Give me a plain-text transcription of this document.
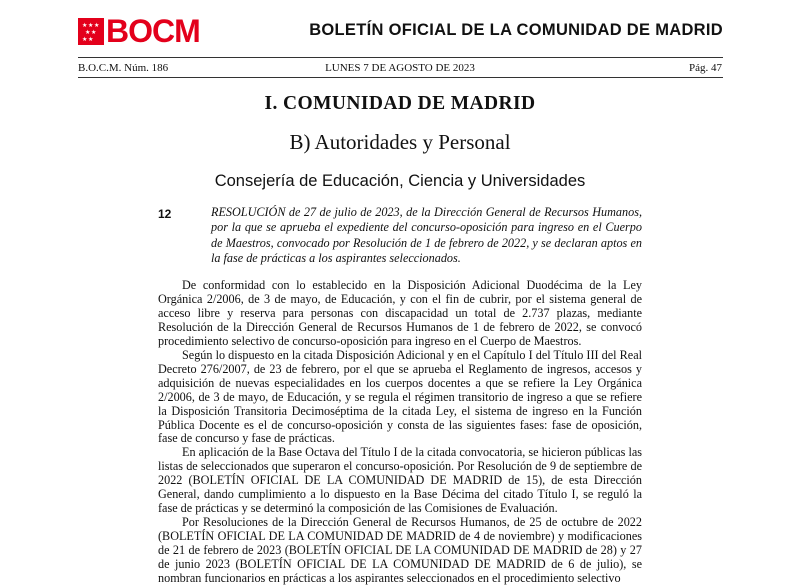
★ ★ ★
★ ★
★ ★ BOCM	BOLETÍN OFICIAL DE LA COMUNIDAD DE MADRID
B.O.C.M. Núm. 186	LUNES 7 DE AGOSTO DE 2023	Pág. 47
I. COMUNIDAD DE MADRID
B) Autoridades y Personal
Consejería de Educación, Ciencia y Universidades
12	RESOLUCIÓN de 27 de julio de 2023, de la Dirección General de Recursos Humanos, por la que se aprueba el expediente del concurso-oposición para ingreso en el Cuerpo de Maestros, convocado por Resolución de 1 de febrero de 2022, y se declaran aptos en la fase de prácticas a los aspirantes seleccionados.

De conformidad con lo establecido en la Disposición Adicional Duodécima de la Ley Orgánica 2/2006, de 3 de mayo, de Educación, y con el fin de cubrir, por el sistema general de acceso libre y reserva para personas con discapacidad un total de 2.737 plazas, mediante Resolución de la Dirección General de Recursos Humanos de 1 de febrero de 2022, se convocó procedimiento selectivo de concurso-oposición para ingreso en el Cuerpo de Maestros.

Según lo dispuesto en la citada Disposición Adicional y en el Capítulo I del Título III del Real Decreto 276/2007, de 23 de febrero, por el que se aprueba el Reglamento de ingresos, accesos y adquisición de nuevas especialidades en los cuerpos docentes a que se refiere la Ley Orgánica 2/2006, de 3 de mayo, de Educación, y se regula el régimen transitorio de ingreso a que se refiere la Disposición Transitoria Decimoséptima de la citada Ley, el sistema de ingreso en la Función Pública Docente es el de concurso-oposición y consta de las siguientes fases: fase de oposición, fase de concurso y fase de prácticas.

En aplicación de la Base Octava del Título I de la citada convocatoria, se hicieron públicas las listas de seleccionados que superaron el concurso-oposición. Por Resolución de 9 de septiembre de 2022 (BOLETÍN OFICIAL DE LA COMUNIDAD DE MADRID de 15), de esta Dirección General, dando cumplimiento a lo dispuesto en la Base Décima del citado Título I, se reguló la fase de prácticas y se determinó la composición de las Comisiones de Evaluación.

Por Resoluciones de la Dirección General de Recursos Humanos, de 25 de octubre de 2022 (BOLETÍN OFICIAL DE LA COMUNIDAD DE MADRID de 4 de noviembre) y modificaciones de 21 de febrero de 2023 (BOLETÍN OFICIAL DE LA COMUNIDAD DE MADRID de 28) y 27 de junio 2023 (BOLETÍN OFICIAL DE LA COMUNIDAD DE MADRID de 6 de julio), se nombran funcionarios en prácticas a los aspirantes seleccionados en el procedimiento selectivo
